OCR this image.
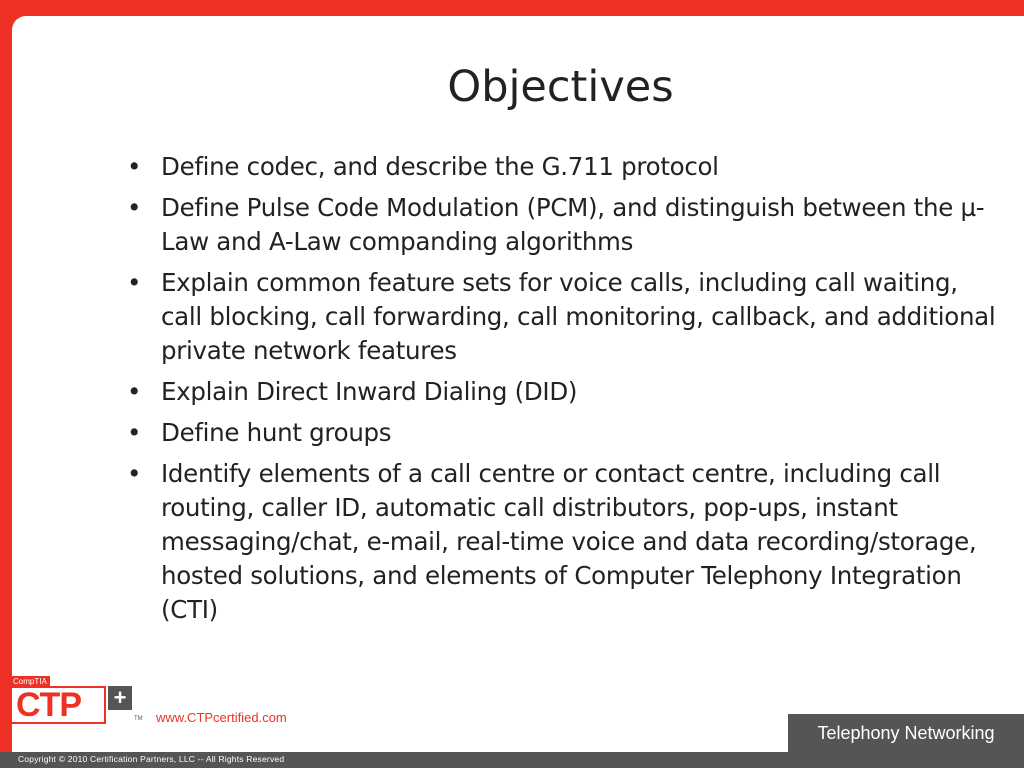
Objectives
• Define codec, and describe the G.711 protocol
• Define Pulse Code Modulation (PCM), and distinguish between the µ-Law and A-Law companding algorithms
• Explain common feature sets for voice calls, including call waiting, call blocking, call forwarding, call monitoring, callback, and additional private network features
• Explain Direct Inward Dialing (DID)
• Define hunt groups
• Identify elements of a call centre or contact centre, including call routing, caller ID, automatic call distributors, pop-ups, instant messaging/chat, e-mail, real-time voice and data recording/storage, hosted solutions, and elements of Computer Telephony Integration (CTI)
CompTIA
CTP +
TM www.CTPcertified.com
Telephony Networking
Copyright © 2010 Certification Partners, LLC -- All Rights Reserved
